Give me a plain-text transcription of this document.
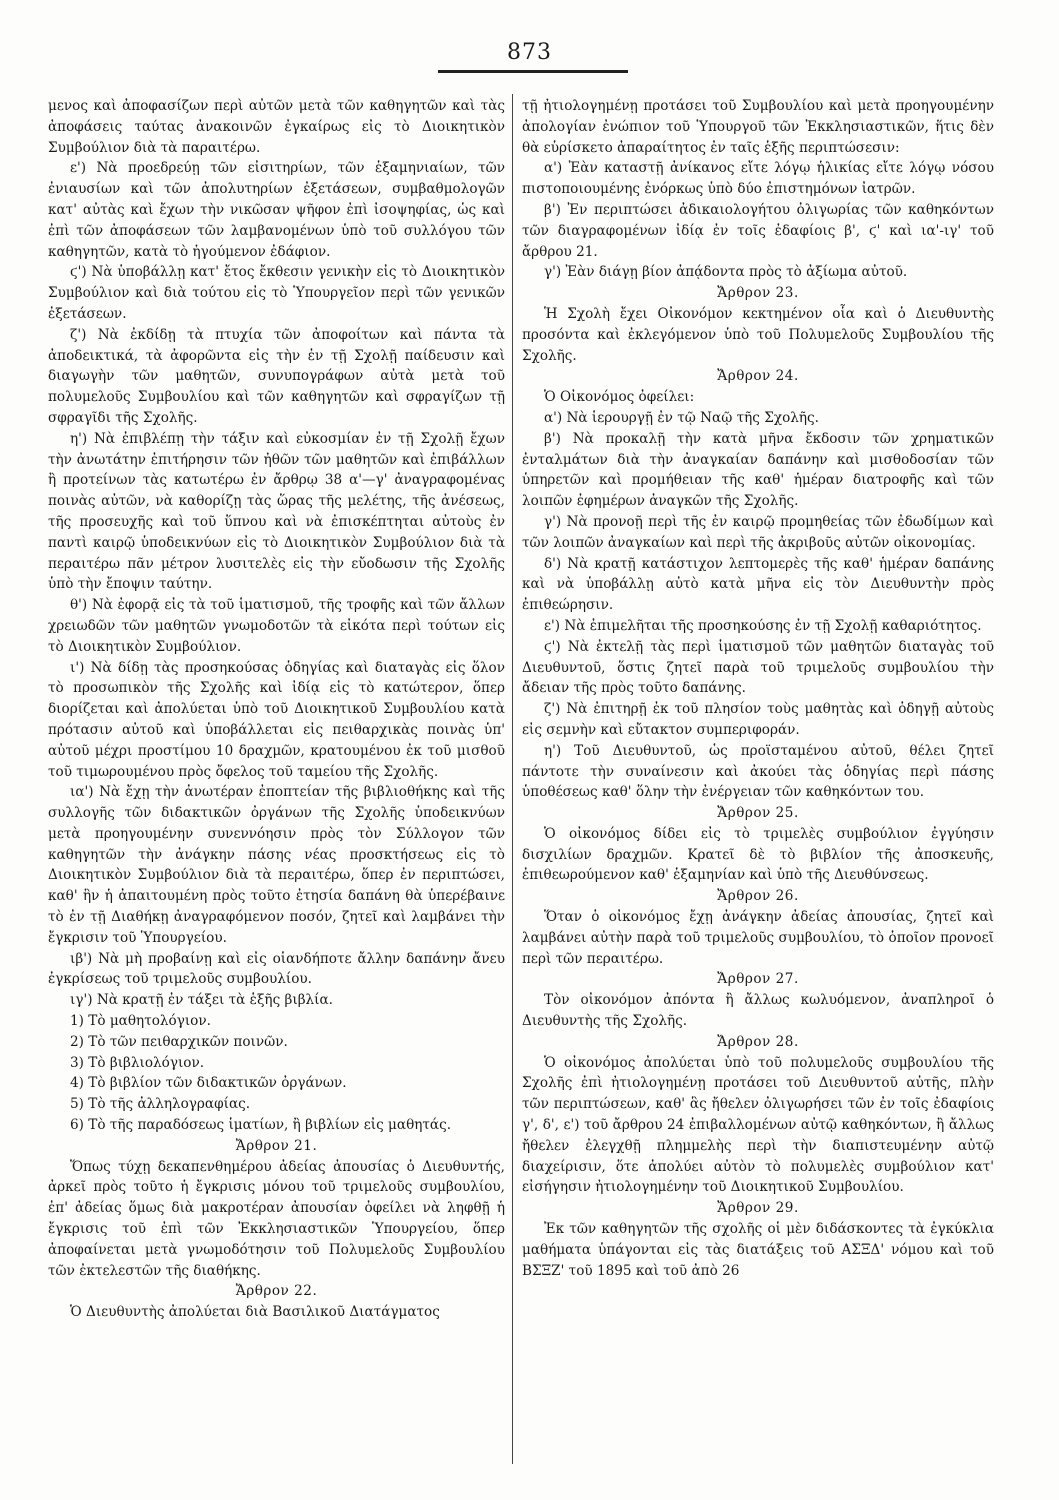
873

μενος καὶ ἀποφασίζων περὶ αὐτῶν μετὰ τῶν καθηγητῶν καὶ τὰς ἀποφάσεις ταύτας ἀνακοινῶν ἐγκαίρως εἰς τὸ Διοικητικὸν Συμβούλιον διὰ τὰ παραιτέρω.

ε') Νὰ προεδρεύῃ τῶν εἰσιτηρίων, τῶν ἑξαμηνιαίων, τῶν ἐνιαυσίων καὶ τῶν ἀπολυτηρίων ἐξετάσεων, συμβαθμολογῶν κατ' αὐτὰς καὶ ἔχων τὴν νικῶσαν ψῆφον ἐπὶ ἰσοψηφίας, ὡς καὶ ἐπὶ τῶν ἀποφάσεων τῶν λαμβανομένων ὑπὸ τοῦ συλλόγου τῶν καθηγητῶν, κατὰ τὸ ἡγούμενον ἐδάφιον.

ϛ') Νὰ ὑποβάλλῃ κατ' ἔτος ἔκθεσιν γενικὴν εἰς τὸ Διοικητικὸν Συμβούλιον καὶ διὰ τούτου εἰς τὸ Ὑπουργεῖον περὶ τῶν γενικῶν ἐξετάσεων.

ζ') Νὰ ἐκδίδῃ τὰ πτυχία τῶν ἀποφοίτων καὶ πάντα τὰ ἀποδεικτικά, τὰ ἀφορῶντα εἰς τὴν ἐν τῇ Σχολῇ παίδευσιν καὶ διαγωγὴν τῶν μαθητῶν, συνυπογράφων αὐτὰ μετὰ τοῦ πολυμελοῦς Συμβουλίου καὶ τῶν καθηγητῶν καὶ σφραγίζων τῇ σφραγῖδι τῆς Σχολῆς.

η') Νὰ ἐπιβλέπῃ τὴν τάξιν καὶ εὐκοσμίαν ἐν τῇ Σχολῇ ἔχων τὴν ἀνωτάτην ἐπιτήρησιν τῶν ἠθῶν τῶν μαθητῶν καὶ ἐπιβάλλων ἢ προτείνων τὰς κατωτέρω ἐν ἄρθρῳ 38 α'—γ' ἀναγραφομένας ποινὰς αὐτῶν, νὰ καθορίζῃ τὰς ὥρας τῆς μελέτης, τῆς ἀνέσεως, τῆς προσευχῆς καὶ τοῦ ὕπνου καὶ νὰ ἐπισκέπτηται αὐτοὺς ἐν παντὶ καιρῷ ὑποδεικνύων εἰς τὸ Διοικητικὸν Συμβούλιον διὰ τὰ περαιτέρω πᾶν μέτρον λυσιτελὲς εἰς τὴν εὔοδωσιν τῆς Σχολῆς ὑπὸ τὴν ἔποψιν ταύτην.

θ') Νὰ ἐφορᾷ εἰς τὰ τοῦ ἱματισμοῦ, τῆς τροφῆς καὶ τῶν ἄλλων χρειωδῶν τῶν μαθητῶν γνωμοδοτῶν τὰ εἰκότα περὶ τούτων εἰς τὸ Διοικητικὸν Συμβούλιον.

ι') Νὰ δίδῃ τὰς προσηκούσας ὁδηγίας καὶ διαταγὰς εἰς ὅλον τὸ προσωπικὸν τῆς Σχολῆς καὶ ἰδίᾳ εἰς τὸ κατώτερον, ὅπερ διορίζεται καὶ ἀπολύεται ὑπὸ τοῦ Διοικητικοῦ Συμβουλίου κατὰ πρότασιν αὐτοῦ καὶ ὑποβάλλεται εἰς πειθαρχικὰς ποινὰς ὑπ' αὐτοῦ μέχρι προστίμου 10 δραχμῶν, κρατουμένου ἐκ τοῦ μισθοῦ τοῦ τιμωρουμένου πρὸς ὄφελος τοῦ ταμείου τῆς Σχολῆς.

ια') Νὰ ἔχῃ τὴν ἀνωτέραν ἐποπτείαν τῆς βιβλιοθήκης καὶ τῆς συλλογῆς τῶν διδακτικῶν ὀργάνων τῆς Σχολῆς ὑποδεικνύων μετὰ προηγουμένην συνεννόησιν πρὸς τὸν Σύλλογον τῶν καθηγητῶν τὴν ἀνάγκην πάσης νέας προσκτήσεως εἰς τὸ Διοικητικὸν Συμβούλιον διὰ τὰ περαιτέρω, ὅπερ ἐν περιπτώσει, καθ' ἣν ἡ ἀπαιτουμένη πρὸς τοῦτο ἐτησία δαπάνη θὰ ὑπερέβαινε τὸ ἐν τῇ Διαθήκῃ ἀναγραφόμενον ποσόν, ζητεῖ καὶ λαμβάνει τὴν ἔγκρισιν τοῦ Ὑπουργείου.

ιβ') Νὰ μὴ προβαίνῃ καὶ εἰς οἱανδήποτε ἄλλην δαπάνην ἄνευ ἐγκρίσεως τοῦ τριμελοῦς συμβουλίου.

ιγ') Νὰ κρατῇ ἐν τάξει τὰ ἑξῆς βιβλία.

1) Τὸ μαθητολόγιον.

2) Τὸ τῶν πειθαρχικῶν ποινῶν.

3) Τὸ βιβλιολόγιον.

4) Τὸ βιβλίον τῶν διδακτικῶν ὀργάνων.

5) Τὸ τῆς ἀλληλογραφίας.

6) Τὸ τῆς παραδόσεως ἱματίων, ἢ βιβλίων εἰς μαθητάς.

Ἄρθρον 21.

Ὅπως τύχῃ δεκαπενθημέρου ἀδείας ἀπουσίας ὁ Διευθυντής, ἀρκεῖ πρὸς τοῦτο ἡ ἔγκρισις μόνου τοῦ τριμελοῦς συμβουλίου, ἐπ' ἀδείας ὅμως διὰ μακροτέραν ἀπουσίαν ὀφείλει νὰ ληφθῇ ἡ ἔγκρισις τοῦ ἐπὶ τῶν Ἐκκλησιαστικῶν Ὑπουργείου, ὅπερ ἀποφαίνεται μετὰ γνωμοδότησιν τοῦ Πολυμελοῦς Συμβουλίου τῶν ἐκτελεστῶν τῆς διαθήκης.

Ἄρθρον 22.

Ὁ Διευθυντὴς ἀπολύεται διὰ Βασιλικοῦ Διατάγματος

τῇ ἠτιολογημένῃ προτάσει τοῦ Συμβουλίου καὶ μετὰ προηγουμένην ἀπολογίαν ἐνώπιον τοῦ Ὑπουργοῦ τῶν Ἐκκλησιαστικῶν, ἥτις δὲν θὰ εὑρίσκετο ἀπαραίτητος ἐν ταῖς ἑξῆς περιπτώσεσιν:

α') Ἐὰν καταστῇ ἀνίκανος εἴτε λόγῳ ἡλικίας εἴτε λόγῳ νόσου πιστοποιουμένης ἐνόρκως ὑπὸ δύο ἐπιστημόνων ἰατρῶν.

β') Ἐν περιπτώσει ἀδικαιολογήτου ὀλιγωρίας τῶν καθηκόντων τῶν διαγραφομένων ἰδίᾳ ἐν τοῖς ἐδαφίοις β', ϛ' καὶ ια'-ιγ' τοῦ ἄρθρου 21.

γ') Ἐὰν διάγῃ βίον ἀπᾴδοντα πρὸς τὸ ἀξίωμα αὐτοῦ.

Ἄρθρον 23.

Ἡ Σχολὴ ἔχει Οἰκονόμον κεκτημένον οἷα καὶ ὁ Διευθυντὴς προσόντα καὶ ἐκλεγόμενον ὑπὸ τοῦ Πολυμελοῦς Συμβουλίου τῆς Σχολῆς.

Ἄρθρον 24.

Ὁ Οἰκονόμος ὀφείλει:

α') Νὰ ἱερουργῇ ἐν τῷ Ναῷ τῆς Σχολῆς.

β') Νὰ προκαλῇ τὴν κατὰ μῆνα ἔκδοσιν τῶν χρηματικῶν ἐνταλμάτων διὰ τὴν ἀναγκαίαν δαπάνην καὶ μισθοδοσίαν τῶν ὑπηρετῶν καὶ προμήθειαν τῆς καθ' ἡμέραν διατροφῆς καὶ τῶν λοιπῶν ἐφημέρων ἀναγκῶν τῆς Σχολῆς.

γ') Νὰ προνοῇ περὶ τῆς ἐν καιρῷ προμηθείας τῶν ἐδωδίμων καὶ τῶν λοιπῶν ἀναγκαίων καὶ περὶ τῆς ἀκριβοῦς αὐτῶν οἰκονομίας.

δ') Νὰ κρατῇ κατάστιχον λεπτομερὲς τῆς καθ' ἡμέραν δαπάνης καὶ νὰ ὑποβάλλῃ αὐτὸ κατὰ μῆνα εἰς τὸν Διευθυντὴν πρὸς ἐπιθεώρησιν.

ε') Νὰ ἐπιμελῆται τῆς προσηκούσης ἐν τῇ Σχολῇ καθαριότητος.

ϛ') Νὰ ἐκτελῇ τὰς περὶ ἱματισμοῦ τῶν μαθητῶν διαταγὰς τοῦ Διευθυντοῦ, ὅστις ζητεῖ παρὰ τοῦ τριμελοῦς συμβουλίου τὴν ἄδειαν τῆς πρὸς τοῦτο δαπάνης.

ζ') Νὰ ἐπιτηρῇ ἐκ τοῦ πλησίον τοὺς μαθητὰς καὶ ὁδηγῇ αὐτοὺς εἰς σεμνὴν καὶ εὔτακτον συμπεριφοράν.

η') Τοῦ Διευθυντοῦ, ὡς προϊσταμένου αὐτοῦ, θέλει ζητεῖ πάντοτε τὴν συναίνεσιν καὶ ἀκούει τὰς ὁδηγίας περὶ πάσης ὑποθέσεως καθ' ὅλην τὴν ἐνέργειαν τῶν καθηκόντων του.

Ἄρθρον 25.

Ὁ οἰκονόμος δίδει εἰς τὸ τριμελὲς συμβούλιον ἐγγύησιν δισχιλίων δραχμῶν. Κρατεῖ δὲ τὸ βιβλίον τῆς ἀποσκευῆς, ἐπιθεωρούμενον καθ' ἑξαμηνίαν καὶ ὑπὸ τῆς Διευθύνσεως.

Ἄρθρον 26.

Ὅταν ὁ οἰκονόμος ἔχῃ ἀνάγκην ἀδείας ἀπουσίας, ζητεῖ καὶ λαμβάνει αὐτὴν παρὰ τοῦ τριμελοῦς συμβουλίου, τὸ ὁποῖον προνοεῖ περὶ τῶν περαιτέρω.

Ἄρθρον 27.

Τὸν οἰκονόμον ἀπόντα ἢ ἄλλως κωλυόμενον, ἀναπληροῖ ὁ Διευθυντὴς τῆς Σχολῆς.

Ἄρθρον 28.

Ὁ οἰκονόμος ἀπολύεται ὑπὸ τοῦ πολυμελοῦς συμβουλίου τῆς Σχολῆς ἐπὶ ἠτιολογημένῃ προτάσει τοῦ Διευθυντοῦ αὐτῆς, πλὴν τῶν περιπτώσεων, καθ' ἃς ἤθελεν ὀλιγωρήσει τῶν ἐν τοῖς ἐδαφίοις γ', δ', ε') τοῦ ἄρθρου 24 ἐπιβαλλομένων αὐτῷ καθηκόντων, ἢ ἄλλως ἤθελεν ἐλεγχθῇ πλημμελὴς περὶ τὴν διαπιστευμένην αὐτῷ διαχείρισιν, ὅτε ἀπολύει αὐτὸν τὸ πολυμελὲς συμβούλιον κατ' εἰσήγησιν ἠτιολογημένην τοῦ Διοικητικοῦ Συμβουλίου.

Ἄρθρον 29.

Ἐκ τῶν καθηγητῶν τῆς σχολῆς οἱ μὲν διδάσκοντες τὰ ἐγκύκλια μαθήματα ὑπάγονται εἰς τὰς διατάξεις τοῦ ΑΣΞΔ' νόμου καὶ τοῦ ΒΣΞΖ' τοῦ 1895 καὶ τοῦ ἀπὸ 26
